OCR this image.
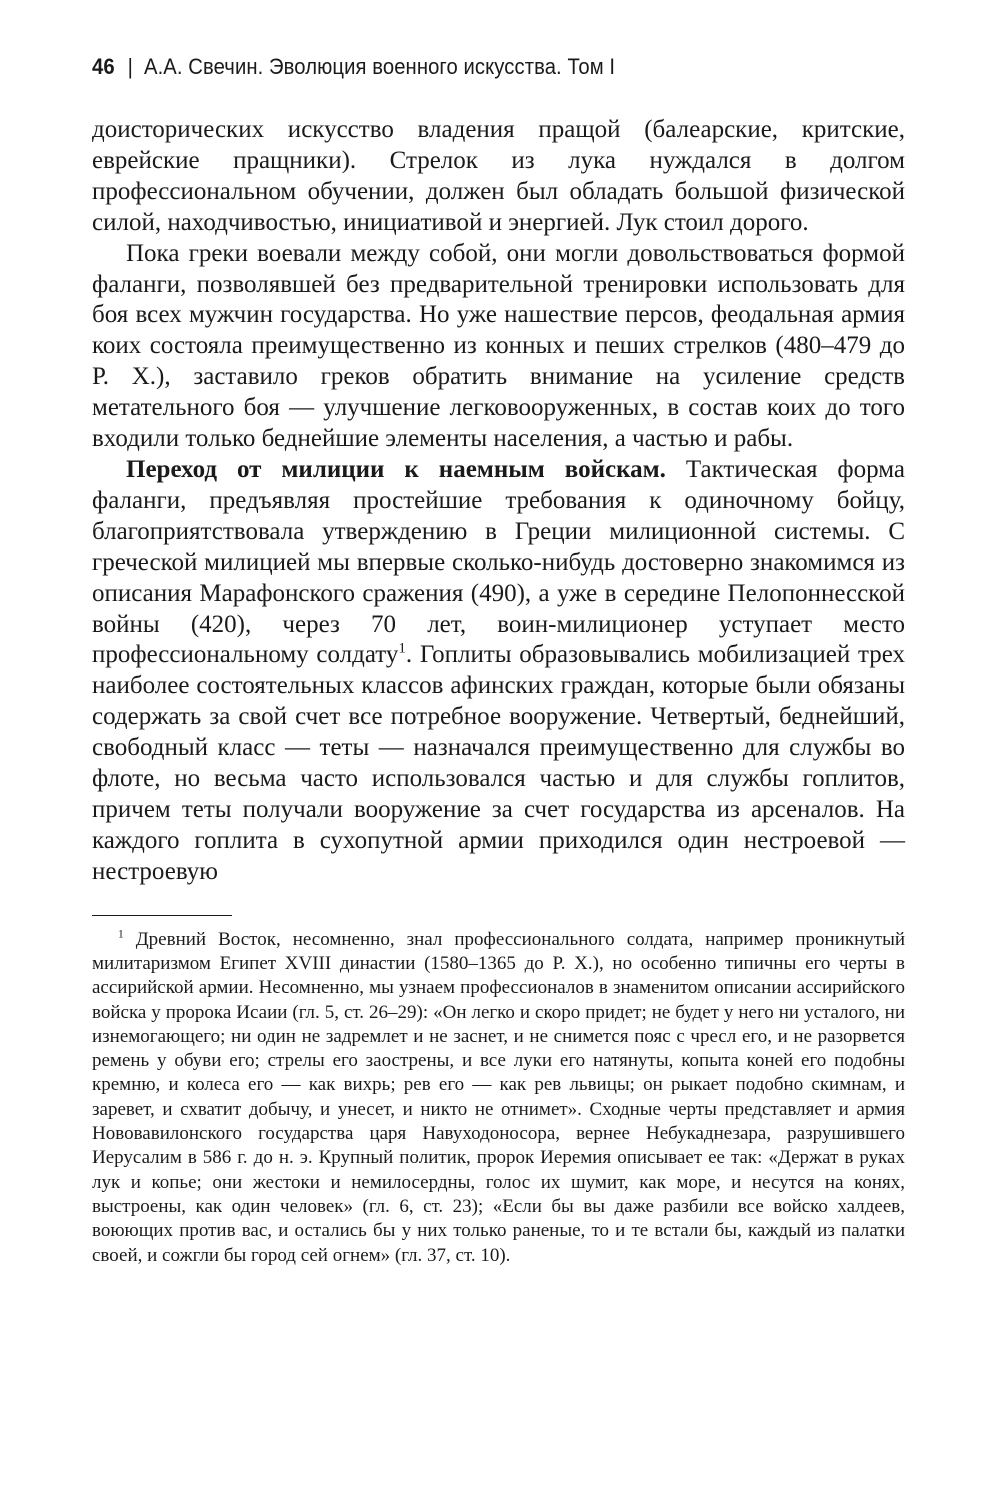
46 | А.А. Свечин. Эволюция военного искусства. Том I

доисторических искусство владения пращой (балеарские, критские, еврейские пращники). Стрелок из лука нуждался в долгом профессиональном обучении, должен был обладать большой физической силой, находчивостью, инициативой и энергией. Лук стоил дорого.

Пока греки воевали между собой, они могли довольствоваться формой фаланги, позволявшей без предварительной тренировки использовать для боя всех мужчин государства. Но уже нашествие персов, феодальная армия коих состояла преимущественно из конных и пеших стрелков (480–479 до Р. Х.), заставило греков обратить внимание на усиление средств метательного боя — улучшение легковооруженных, в состав коих до того входили только беднейшие элементы населения, а частью и рабы.

Переход от милиции к наемным войскам. Тактическая форма фаланги, предъявляя простейшие требования к одиночному бойцу, благоприятствовала утверждению в Греции милиционной системы. С греческой милицией мы впервые сколько-нибудь достоверно знакомимся из описания Марафонского сражения (490), а уже в середине Пелопоннесской войны (420), через 70 лет, воин-милиционер уступает место профессиональному солдату$^1$. Гоплиты образовывались мобилизацией трех наиболее состоятельных классов афинских граждан, которые были обязаны содержать за свой счет все потребное вооружение. Четвертый, беднейший, свободный класс — теты — назначался преимущественно для службы во флоте, но весьма часто использовался частью и для службы гоплитов, причем теты получали вооружение за счет государства из арсеналов. На каждого гоплита в сухопутной армии приходился один нестроевой — нестроевую

$^1$ Древний Восток, несомненно, знал профессионального солдата, например проникнутый милитаризмом Египет XVIII династии (1580–1365 до Р. Х.), но особенно типичны его черты в ассирийской армии. Несомненно, мы узнаем профессионалов в знаменитом описании ассирийского войска у пророка Исаии (гл. 5, ст. 26–29): «Он легко и скоро придет; не будет у него ни усталого, ни изнемогающего; ни один не задремлет и не заснет, и не снимется пояс с чресл его, и не разорвется ремень у обуви его; стрелы его заострены, и все луки его натянуты, копыта коней его подобны кремню, и колеса его — как вихрь; рев его — как рев львицы; он рыкает подобно скимнам, и заревет, и схватит добычу, и унесет, и никто не отнимет». Сходные черты представляет и армия Нововавилонского государства царя Навуходоносора, вернее Небукаднезара, разрушившего Иерусалим в 586 г. до н. э. Крупный политик, пророк Иеремия описывает ее так: «Держат в руках лук и копье; они жестоки и немилосердны, голос их шумит, как море, и несутся на конях, выстроены, как один человек» (гл. 6, ст. 23); «Если бы вы даже разбили все войско халдеев, воюющих против вас, и остались бы у них только раненые, то и те встали бы, каждый из палатки своей, и сожгли бы город сей огнем» (гл. 37, ст. 10).
